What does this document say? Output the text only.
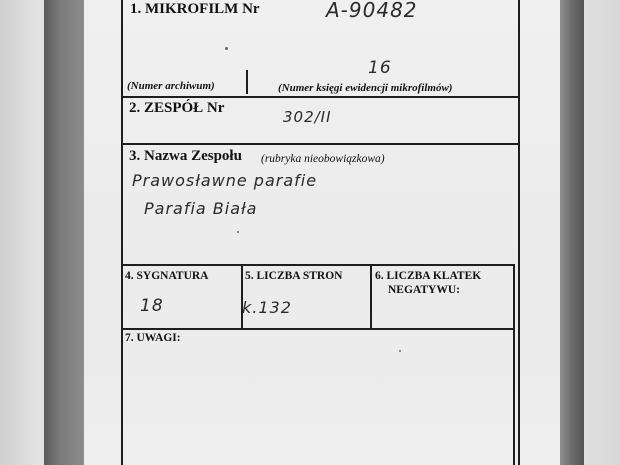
1. MIKROFILM Nr	A-90482
(Numer archiwum)
16
(Numer księgi ewidencji mikrofilmów)
2. ZESPÓŁ Nr	302/II
3. Nazwa Zespołu (rubryka nieobowiązkowa)
Prawosławne parafie
Parafia Biała
4. SYGNATURA
18
5. LICZBA STRON
k.132
6. LICZBA KLATEK
NEGATYWU:
7. UWAGI:
